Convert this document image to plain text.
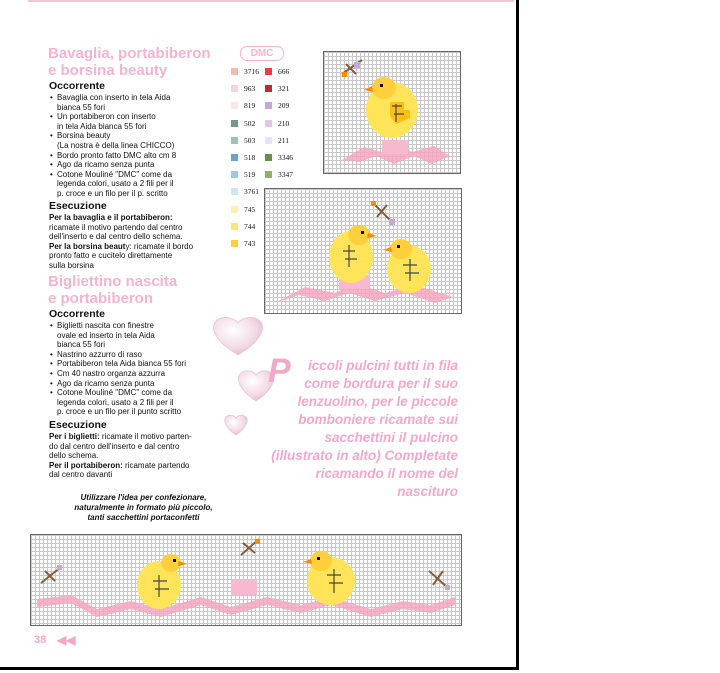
Bavaglia, portabiberon
e borsina beauty
Occorrente
• Bavaglia con inserto in tela Aida
bianca 55 fori
• Un portabiberon con inserto
in tela Aida bianca 55 fori
• Borsina beauty
(La nostra è della linea CHICCO)
• Bordo pronto fatto DMC alto cm 8
• Ago da ricamo senza punta
• Cotone Mouliné "DMC" come da
legenda colori, usato a 2 fili per il
p. croce e un filo per il p. scritto
Esecuzione
Per la bavaglia e il portabiberon:
ricamate il motivo partendo dal centro
dell'inserto e dal centro dello schema.
Per la borsina beauty: ricamate il bordo
pronto fatto e cucitelo direttamente
sulla borsina
Bigliettino nascita
e portabiberon
Occorrente
• Biglietti nascita con finestre
ovale ed inserto in tela Aida
bianca 55 fori
• Nastrino azzurro di raso
• Portabiberon tela Aida bianca 55 fori
• Cm 40 nastro organza azzurra
• Ago da ricamo senza punta
• Cotone Mouliné "DMC" come da
legenda colori, usato a 2 fili per il
p. croce e un filo per il punto scritto
Esecuzione
Per i biglietti: ricamate il motivo parten-
do dal centro dell'inserto e dal centro
dello schema.
Per il portabiberon: ricamate partendo
dal centro davanti
Utilizzare l'idea per confezionare,
naturalmente in formato più piccolo,
tanti sacchettini portaconfetti
DMC
3716	666
963	321
819	209
502	210
503	211
518	3346
519	3347
3761
745
744
743
P iccoli pulcini tutti in fila come bordura per il suo lenzuolino, per le piccole bomboniere ricamate sui sacchettini il pulcino (illustrato in alto) Completate ricamando il nome del nascituro
38 ◀◀
